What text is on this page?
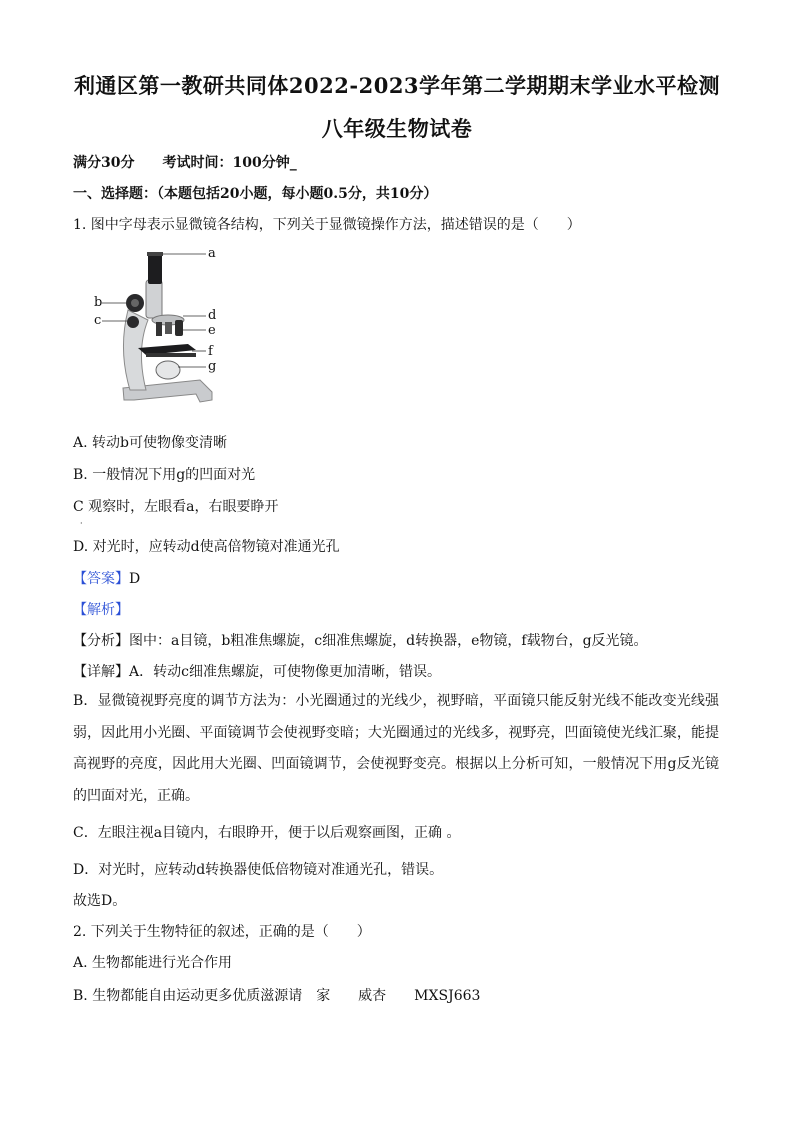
利通区第一教研共同体2022-2023学年第二学期期末学业水平检测
八年级生物试卷
满分30分　　考试时间：100分钟_
一、选择题：（本题包括20小题，每小题0.5分，共10分）
1. 图中字母表示显微镜各结构，下列关于显微镜操作方法，描述错误的是（　　）
a
b
c	d
e
f
g
A. 转动b可使物像变清晰
B. 一般情况下用g的凹面对光
C 观察时，左眼看a，右眼要睁开
·
D. 对光时，应转动d使高倍物镜对准通光孔
【答案】D
【解析】
【分析】图中：a目镜，b粗准焦螺旋，c细准焦螺旋，d转换器，e物镜，f载物台，g反光镜。
【详解】A．转动c细准焦螺旋，可使物像更加清晰，错误。
B．显微镜视野亮度的调节方法为：小光圈通过的光线少，视野暗，平面镜只能反射光线不能改变光线强弱，因此用小光圈、平面镜调节会使视野变暗；大光圈通过的光线多，视野亮，凹面镜使光线汇聚，能提高视野的亮度，因此用大光圈、凹面镜调节，会使视野变亮。根据以上分析可知，一般情况下用g反光镜的凹面对光，正确。
C．左眼注视a目镜内，右眼睁开，便于以后观察画图，正确 。
D．对光时，应转动d转换器使低倍物镜对准通光孔，错误。
故选D。
2. 下列关于生物特征的叙述，正确的是（　　）
A. 生物都能进行光合作用
B. 生物都能自由运动更多优质滋源请　家　　威杏　　MXSJ663
